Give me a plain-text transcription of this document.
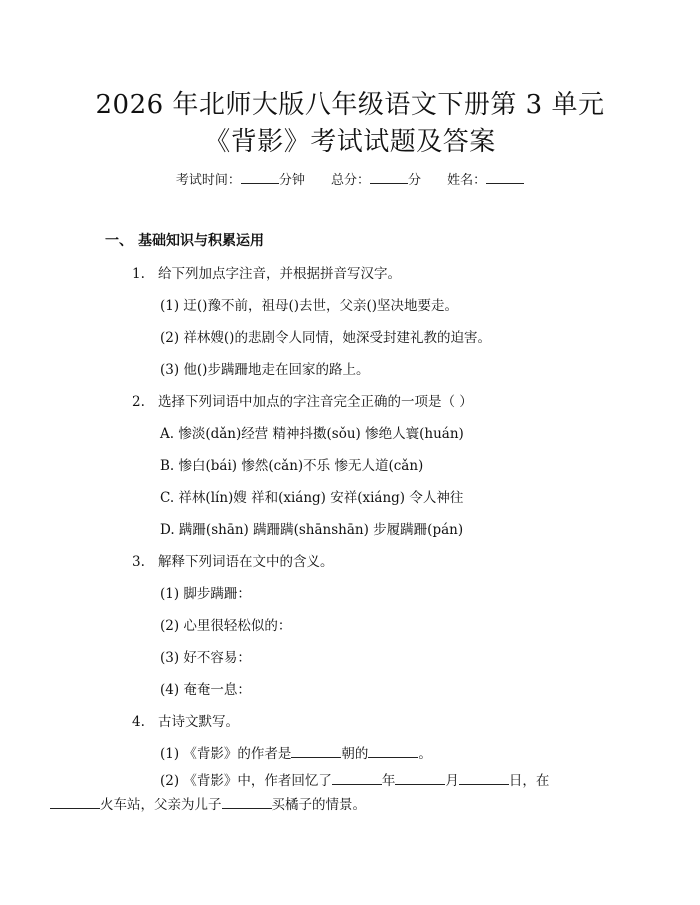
2026 年北师大版八年级语文下册第 3 单元
《背影》考试试题及答案
考试时间：	分钟 总分：	分 姓名：
一、 基础知识与积累运用
1. 给下列加点字注音，并根据拼音写汉字。
(1) 迂()豫不前，祖母()去世，父亲()坚决地要走。
(2) 祥林嫂()的悲剧令人同情，她深受封建礼教的迫害。
(3) 他()步蹒跚地走在回家的路上。
2. 选择下列词语中加点的字注音完全正确的一项是（ ）
A. 惨淡(dǎn)经营 精神抖擞(sǒu) 惨绝人寰(huán)
B. 惨白(bái) 惨然(cǎn)不乐 惨无人道(cǎn)
C. 祥林(lín)嫂 祥和(xiáng) 安祥(xiáng) 令人神往
D. 蹒跚(shān) 蹒跚蹒(shānshān) 步履蹒跚(pán)
3. 解释下列词语在文中的含义。
(1) 脚步蹒跚：
(2) 心里很轻松似的：
(3) 好不容易：
(4) 奄奄一息：
4. 古诗文默写。
(1) 《背影》的作者是	朝的	。
(2) 《背影》中，作者回忆了	年	月	日，在
火车站，父亲为儿子	买橘子的情景。
